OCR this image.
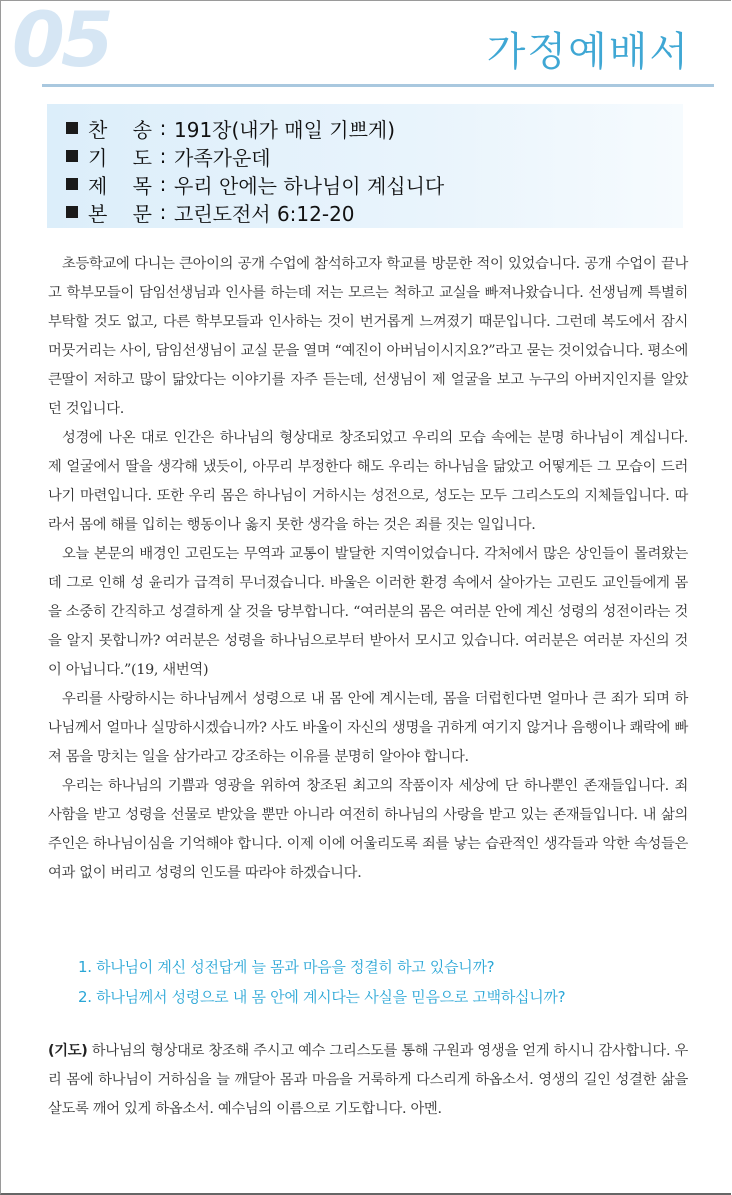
05	가정예배서
찬 송 : 191장(내가 매일 기쁘게)
기 도 : 가족가운데
제 목 : 우리 안에는 하나님이 계십니다
본 문 : 고린도전서 6:12-20

초등학교에 다니는 큰아이의 공개 수업에 참석하고자 학교를 방문한 적이 있었습니다. 공개 수업이 끝나고 학부모들이 담임선생님과 인사를 하는데 저는 모르는 척하고 교실을 빠져나왔습니다. 선생님께 특별히 부탁할 것도 없고, 다른 학부모들과 인사하는 것이 번거롭게 느껴졌기 때문입니다. 그런데 복도에서 잠시 머뭇거리는 사이, 담임선생님이 교실 문을 열며 “예진이 아버님이시지요?”라고 묻는 것이었습니다. 평소에 큰딸이 저하고 많이 닮았다는 이야기를 자주 듣는데, 선생님이 제 얼굴을 보고 누구의 아버지인지를 알았던 것입니다.

성경에 나온 대로 인간은 하나님의 형상대로 창조되었고 우리의 모습 속에는 분명 하나님이 계십니다. 제 얼굴에서 딸을 생각해 냈듯이, 아무리 부정한다 해도 우리는 하나님을 닮았고 어떻게든 그 모습이 드러나기 마련입니다. 또한 우리 몸은 하나님이 거하시는 성전으로, 성도는 모두 그리스도의 지체들입니다. 따라서 몸에 해를 입히는 행동이나 옳지 못한 생각을 하는 것은 죄를 짓는 일입니다.

오늘 본문의 배경인 고린도는 무역과 교통이 발달한 지역이었습니다. 각처에서 많은 상인들이 몰려왔는데 그로 인해 성 윤리가 급격히 무너졌습니다. 바울은 이러한 환경 속에서 살아가는 고린도 교인들에게 몸을 소중히 간직하고 성결하게 살 것을 당부합니다. “여러분의 몸은 여러분 안에 계신 성령의 성전이라는 것을 알지 못합니까? 여러분은 성령을 하나님으로부터 받아서 모시고 있습니다. 여러분은 여러분 자신의 것이 아닙니다.”(19, 새번역)

우리를 사랑하시는 하나님께서 성령으로 내 몸 안에 계시는데, 몸을 더럽힌다면 얼마나 큰 죄가 되며 하나님께서 얼마나 실망하시겠습니까? 사도 바울이 자신의 생명을 귀하게 여기지 않거나 음행이나 쾌락에 빠져 몸을 망치는 일을 삼가라고 강조하는 이유를 분명히 알아야 합니다.

우리는 하나님의 기쁨과 영광을 위하여 창조된 최고의 작품이자 세상에 단 하나뿐인 존재들입니다. 죄 사함을 받고 성령을 선물로 받았을 뿐만 아니라 여전히 하나님의 사랑을 받고 있는 존재들입니다. 내 삶의 주인은 하나님이심을 기억해야 합니다. 이제 이에 어울리도록 죄를 낳는 습관적인 생각들과 악한 속성들은 여과 없이 버리고 성령의 인도를 따라야 하겠습니다.

1. 하나님이 계신 성전답게 늘 몸과 마음을 정결히 하고 있습니까?
2. 하나님께서 성령으로 내 몸 안에 계시다는 사실을 믿음으로 고백하십니까?
(기도) 하나님의 형상대로 창조해 주시고 예수 그리스도를 통해 구원과 영생을 얻게 하시니 감사합니다. 우리 몸에 하나님이 거하심을 늘 깨달아 몸과 마음을 거룩하게 다스리게 하옵소서. 영생의 길인 성결한 삶을 살도록 깨어 있게 하옵소서. 예수님의 이름으로 기도합니다. 아멘.
